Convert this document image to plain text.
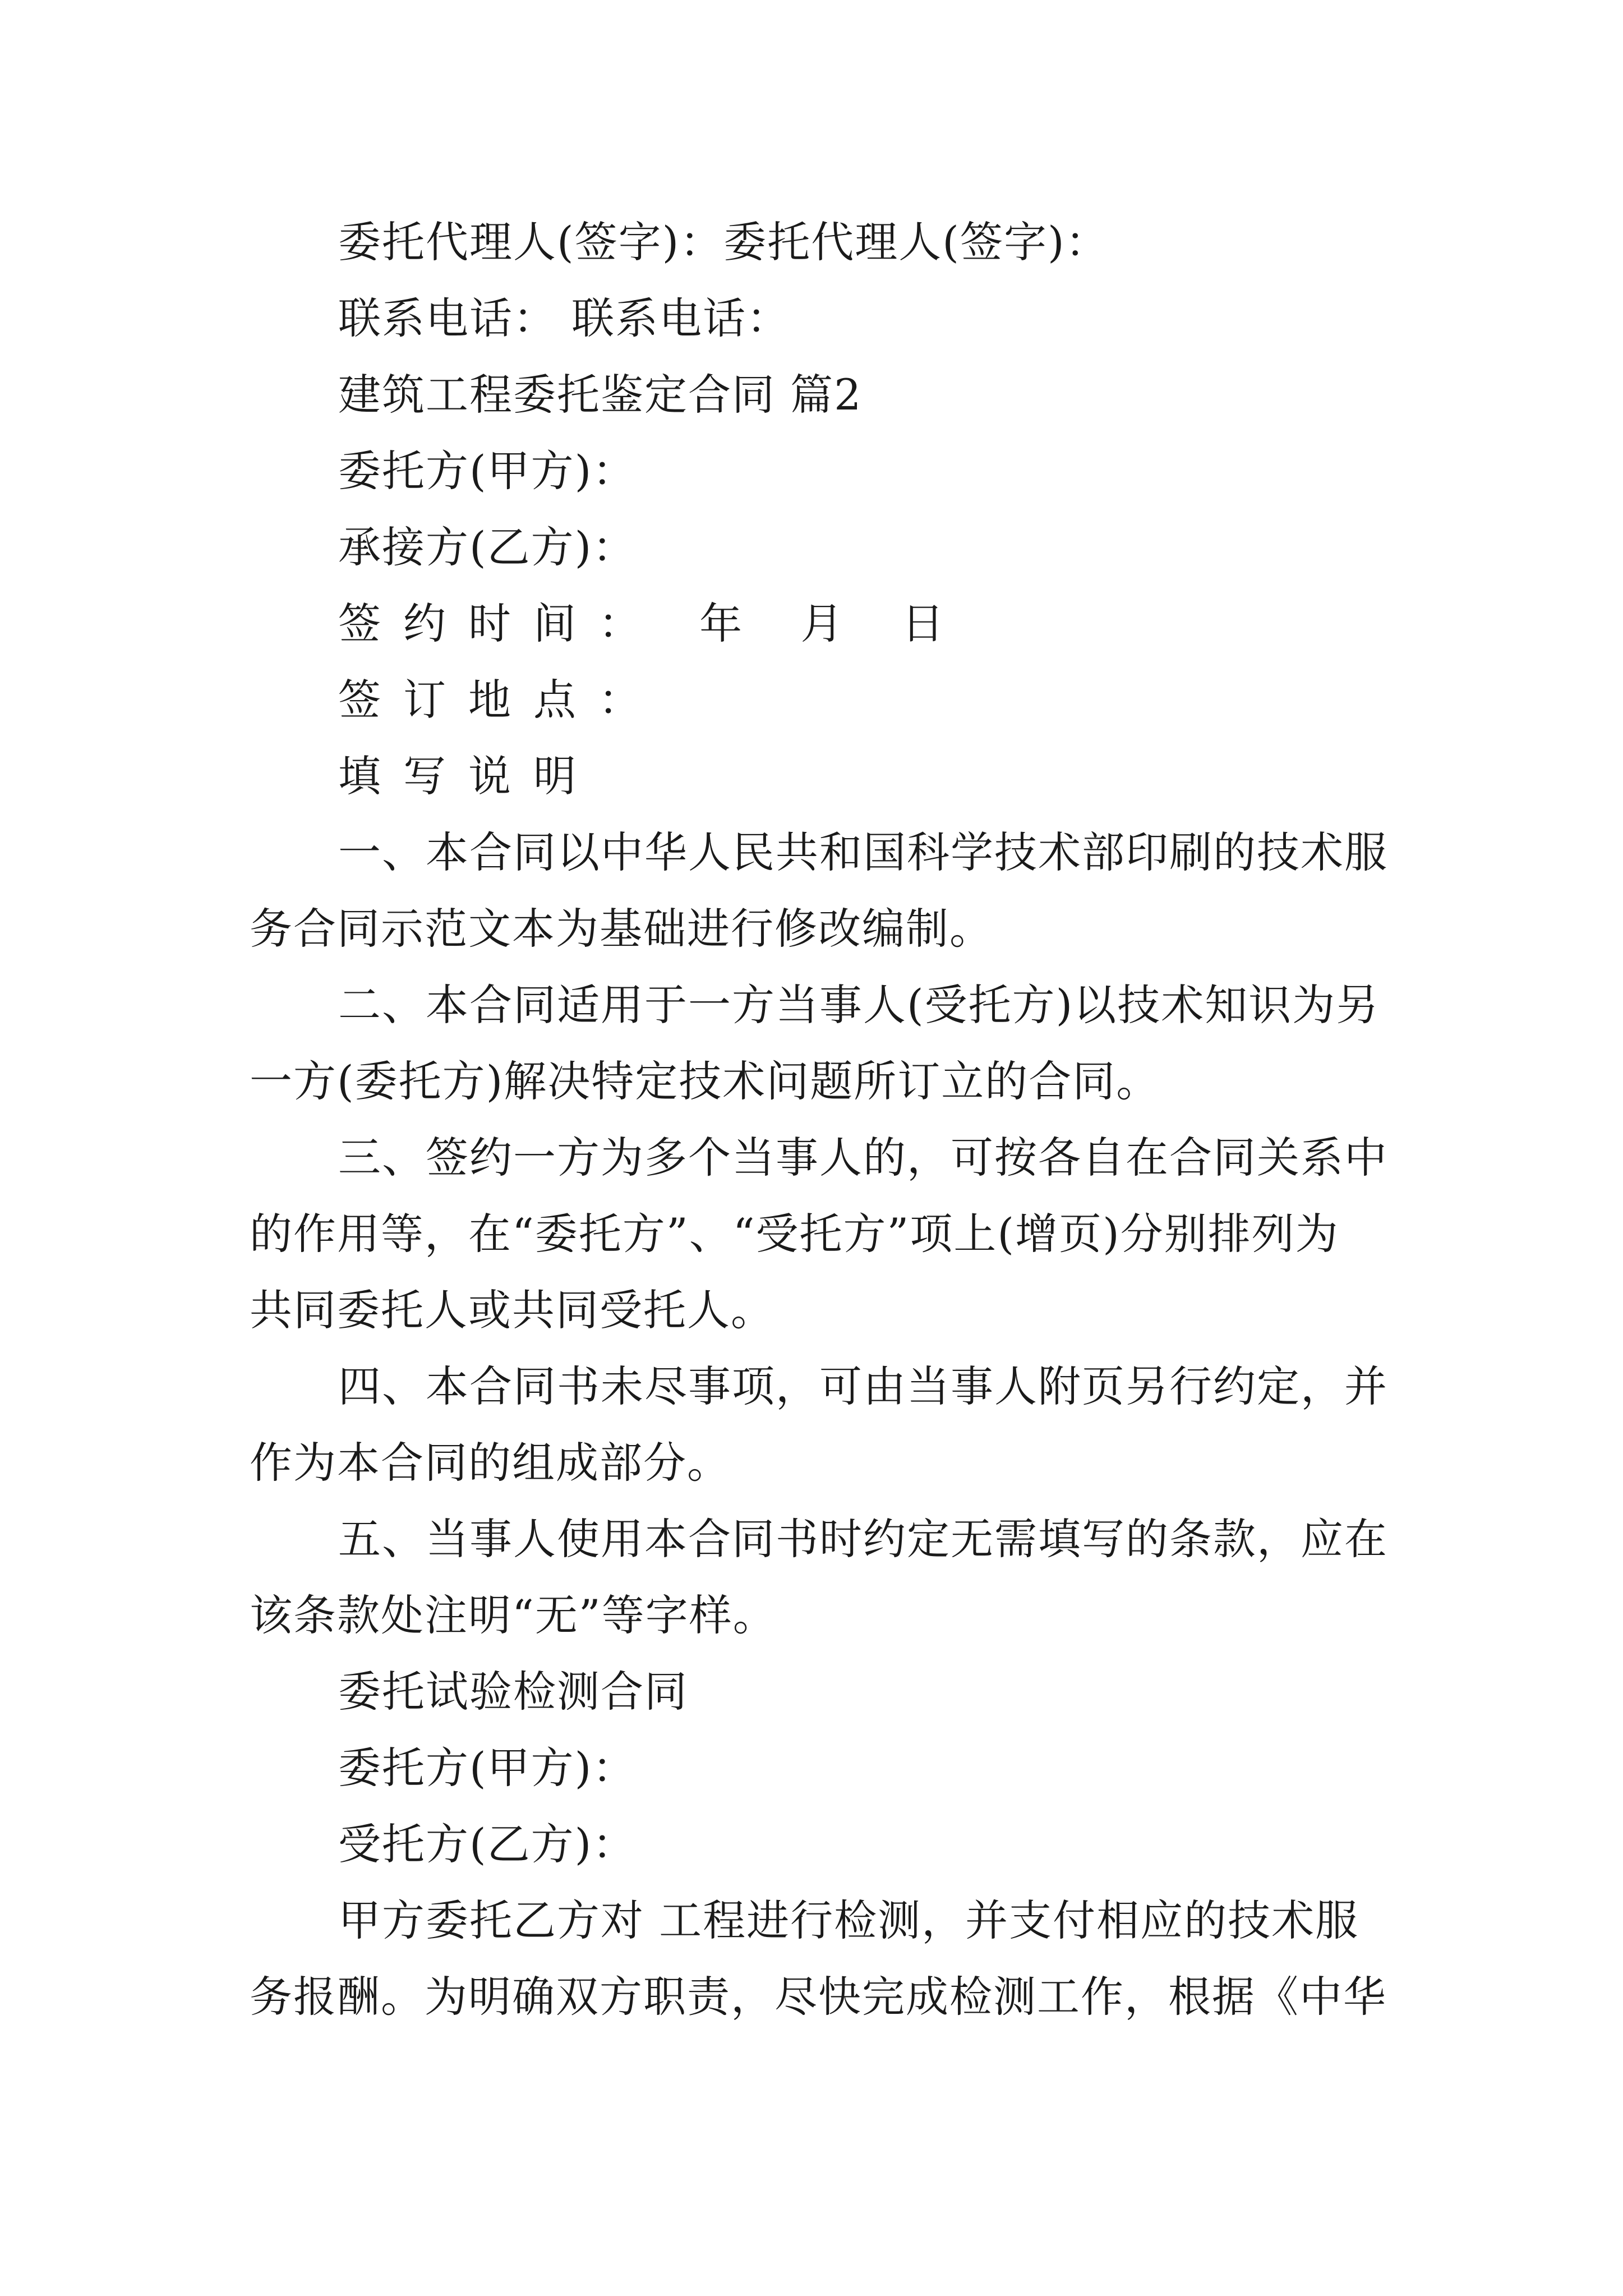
委托代理人(签字)：委托代理人(签字)：
联系电话： 联系电话：
建筑工程委托鉴定合同 篇2
委托方(甲方)：
承接方(乙方)：
签约时间： 年 月 日
签订地点：
填写说明
一、本合同以中华人民共和国科学技术部印刷的技术服
务合同示范文本为基础进行修改编制。
二、本合同适用于一方当事人(受托方)以技术知识为另
一方(委托方)解决特定技术问题所订立的合同。
三、签约一方为多个当事人的，可按各自在合同关系中
的作用等，在“委托方”、“受托方”项上(增页)分别排列为
共同委托人或共同受托人。
四、本合同书未尽事项，可由当事人附页另行约定，并
作为本合同的组成部分。
五、当事人使用本合同书时约定无需填写的条款，应在
该条款处注明“无”等字样。
委托试验检测合同
委托方(甲方)：
受托方(乙方)：
甲方委托乙方对 工程进行检测，并支付相应的技术服
务报酬。为明确双方职责，尽快完成检测工作，根据《中华
